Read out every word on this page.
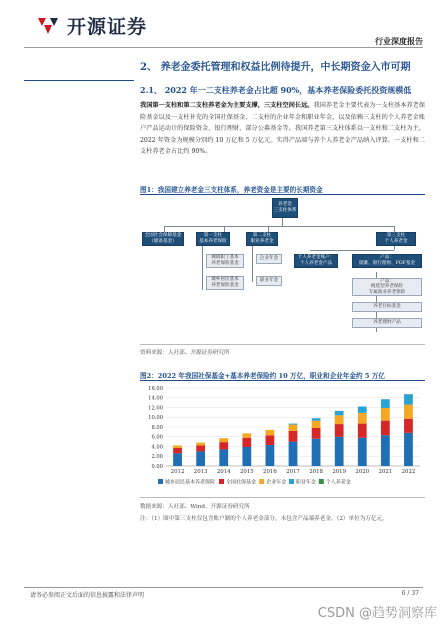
开源证券
行业深度报告
2、 养老金委托管理和权益比例待提升，中长期资金入市可期
2.1、 2022 年一二支柱养老金占比超 90%，基本养老保险委托投资规模低
我国第一支柱和第二支柱养老金为主要支撑，三支柱空间长远。我国养老金主要代表为一支柱基本养老保险基金以及一支柱补充的全国社保基金、二支柱的企业年金和职业年金，以及依赖三支柱的个人养老金账户产品运动计的保险资金、银行理财、部分公募基金等。我国养老第三支柱体系以一支柱和二支柱为主，2022 年资金为规模分别约 10 万亿和 5 万亿元。实得产品端与养个人养老金产品纳入评算，一支柱和二支柱养老金占比约 90%。
图1：我国建立养老金三支柱体系，养老资金是主要的长期资金
养老金
三支柱体系
全国社会保障基金
（储备基金）
第一支柱
基本养老保险
第二支柱
职业养老金
第三支柱
个人养老金
城镇职工基本
养老保险基金
城乡居民基本
养老保险基金
企业年金
职业年金
个人养老金账户：
个人养老金产品
产品：
储蓄、银行理财、FOF基金
产品：
税延型养老保险
专属商业养老保险
养老目标基金
养老理财产品
资料来源：人社部、开源证券研究所
图2：2022 年我国社保基金+基本养老保险约 10 万亿，职业和企业年金约 5 万亿
0.00
2.00
4.00
6.00
8.00
10.00
12.00
14.00
16.00
2012 2013 2014 2015 2016 2017 2018 2019 2020 2021 2022
城乡居民基本养老保险 全国社保基金 企业年金 职业年金 个人养老金
数据来源：人社部、Wind、开源证券研究所
注：（1）图中第三支柱仅包含账户制的个人养老金部分，未包含产品端养老金。（2）单位为万亿元。
请务必参阅正文后面的信息披露和法律声明	6 / 37
CSDN @趋势洞察库
